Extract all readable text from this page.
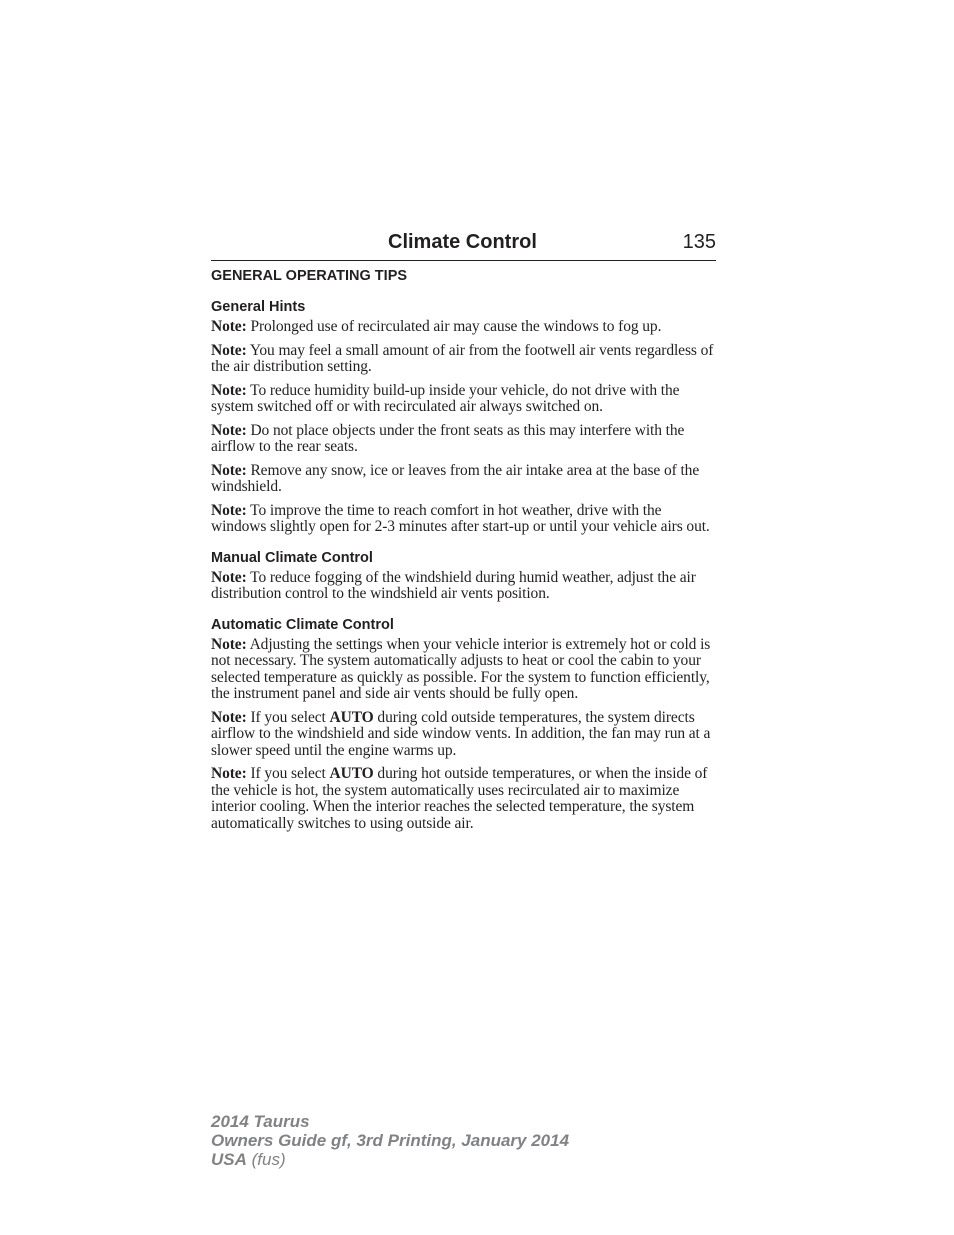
Climate Control	135
GENERAL OPERATING TIPS
General Hints

Note: Prolonged use of recirculated air may cause the windows to fog up.

Note: You may feel a small amount of air from the footwell air vents regardless of the air distribution setting.

Note: To reduce humidity build-up inside your vehicle, do not drive with the system switched off or with recirculated air always switched on.

Note: Do not place objects under the front seats as this may interfere with the airflow to the rear seats.

Note: Remove any snow, ice or leaves from the air intake area at the base of the windshield.

Note: To improve the time to reach comfort in hot weather, drive with the windows slightly open for 2-3 minutes after start-up or until your vehicle airs out.

Manual Climate Control

Note: To reduce fogging of the windshield during humid weather, adjust the air distribution control to the windshield air vents position.

Automatic Climate Control

Note: Adjusting the settings when your vehicle interior is extremely hot or cold is not necessary. The system automatically adjusts to heat or cool the cabin to your selected temperature as quickly as possible. For the system to function efficiently, the instrument panel and side air vents should be fully open.

Note: If you select AUTO during cold outside temperatures, the system directs airflow to the windshield and side window vents. In addition, the fan may run at a slower speed until the engine warms up.

Note: If you select AUTO during hot outside temperatures, or when the inside of the vehicle is hot, the system automatically uses recirculated air to maximize interior cooling. When the interior reaches the selected temperature, the system automatically switches to using outside air.

2014 Taurus
Owners Guide gf, 3rd Printing, January 2014
USA (fus)
